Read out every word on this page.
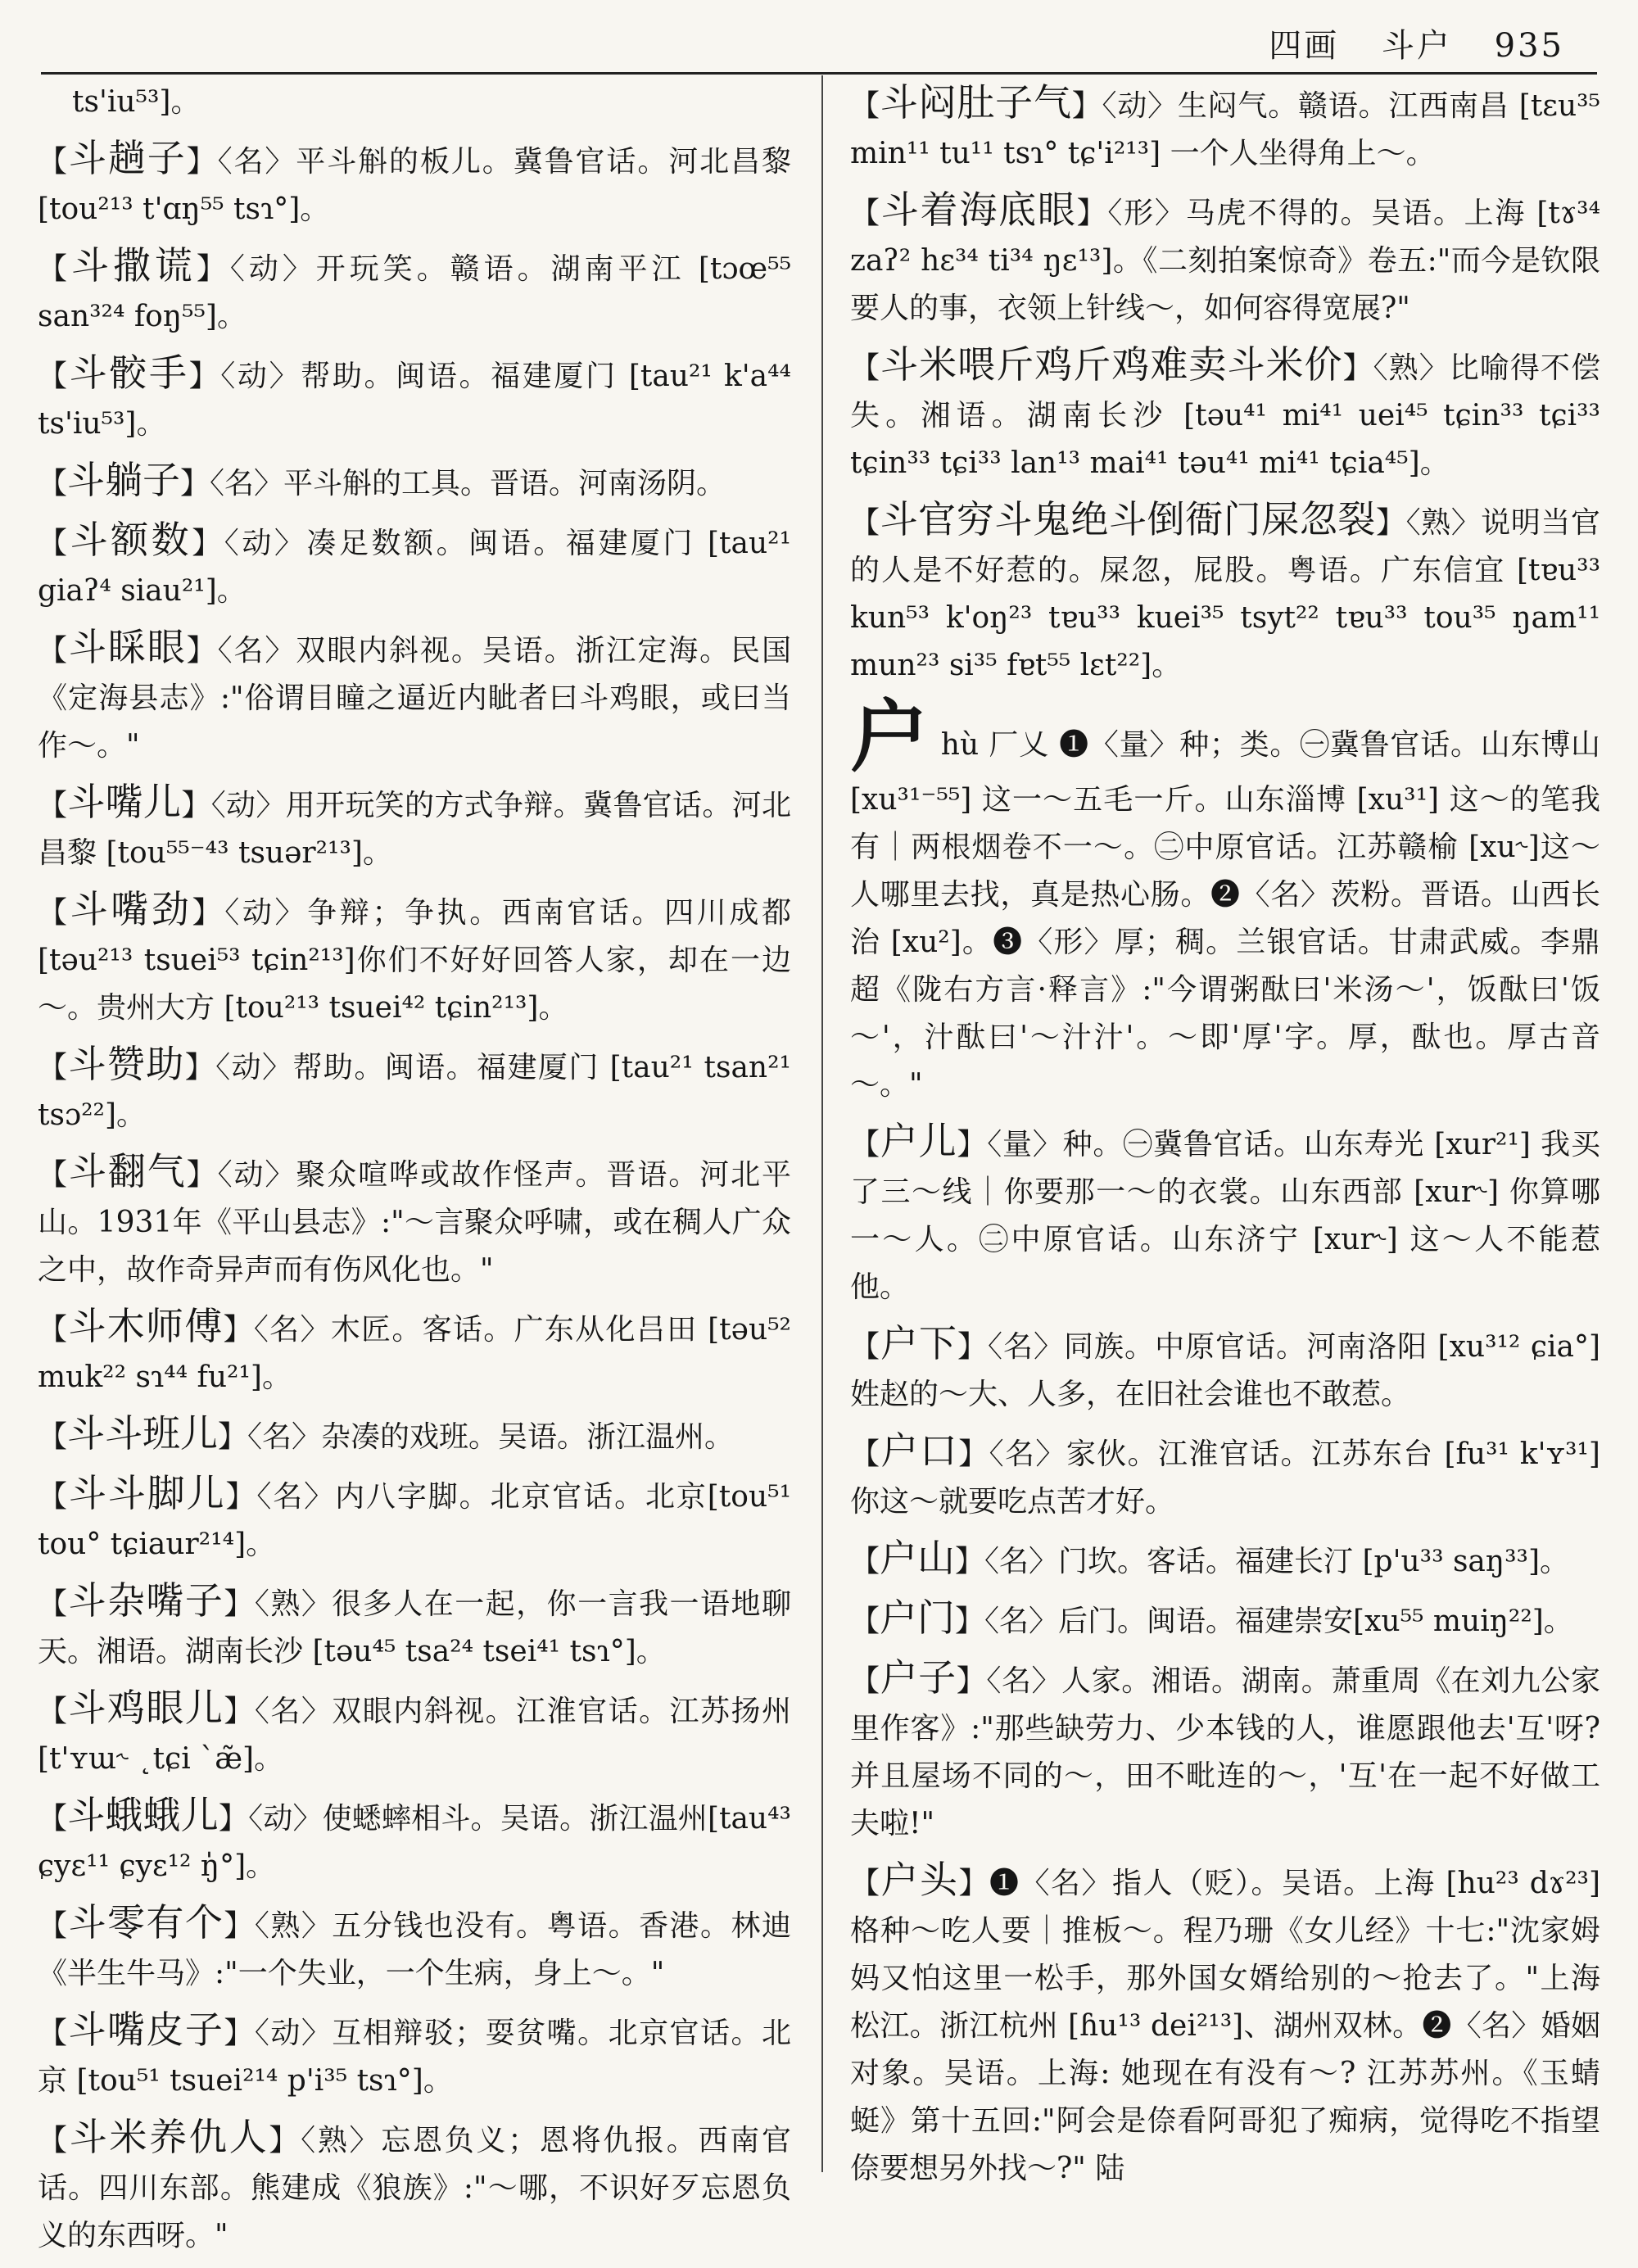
四画 斗户 935

ts'iu⁵³]。

【斗趟子】〈名〉平斗斛的板儿。冀鲁官话。河北昌黎 [tou²¹³ t'ɑŋ⁵⁵ tsɿ°]。

【斗撒谎】〈动〉开玩笑。赣语。湖南平江 [tɔœ⁵⁵ san³²⁴ foŋ⁵⁵]。

【斗骹手】〈动〉帮助。闽语。福建厦门 [tau²¹ k'a⁴⁴ ts'iu⁵³]。

【斗躺子】〈名〉平斗斛的工具。晋语。河南汤阴。

【斗额数】〈动〉凑足数额。闽语。福建厦门 [tau²¹ giaʔ⁴ siau²¹]。

【斗睬眼】〈名〉双眼内斜视。吴语。浙江定海。民国《定海县志》:"俗谓目瞳之逼近内眦者曰斗鸡眼，或曰当作～。"

【斗嘴儿】〈动〉用开玩笑的方式争辩。冀鲁官话。河北昌黎 [tou⁵⁵⁻⁴³ tsuər²¹³]。

【斗嘴劲】〈动〉争辩；争执。西南官话。四川成都 [təu²¹³ tsuei⁵³ tɕin²¹³]你们不好好回答人家，却在一边～。贵州大方 [tou²¹³ tsuei⁴² tɕin²¹³]。

【斗赞助】〈动〉帮助。闽语。福建厦门 [tau²¹ tsan²¹ tsɔ²²]。

【斗翻气】〈动〉聚众喧哗或故作怪声。晋语。河北平山。1931年《平山县志》:"～言聚众呼啸，或在稠人广众之中，故作奇异声而有伤风化也。"

【斗木师傅】〈名〉木匠。客话。广东从化吕田 [təu⁵² muk²² sɿ⁴⁴ fu²¹]。

【斗斗班儿】〈名〉杂凑的戏班。吴语。浙江温州。

【斗斗脚儿】〈名〉内八字脚。北京官话。北京[tou⁵¹ tou° tɕiaur²¹⁴]。

【斗杂嘴子】〈熟〉很多人在一起，你一言我一语地聊天。湘语。湖南长沙 [təu⁴⁵ tsa²⁴ tsei⁴¹ tsɿ°]。

【斗鸡眼儿】〈名〉双眼内斜视。江淮官话。江苏扬州 [t'ʏɯ˞ ˛tɕi ˋæ̃]。

【斗蛾蛾儿】〈动〉使蟋蟀相斗。吴语。浙江温州[tau⁴³ ɕyɛ¹¹ ɕyɛ¹² ŋ̍°]。

【斗零有个】〈熟〉五分钱也没有。粤语。香港。林迪《半生牛马》:"一个失业，一个生病，身上～。"

【斗嘴皮子】〈动〉互相辩驳；耍贫嘴。北京官话。北京 [tou⁵¹ tsuei²¹⁴ p'i³⁵ tsɿ°]。

【斗米养仇人】〈熟〉忘恩负义；恩将仇报。西南官话。四川东部。熊建成《狼族》:"～哪，不识好歹忘恩负义的东西呀。"

【斗闷肚子气】〈动〉生闷气。赣语。江西南昌 [tɛu³⁵ min¹¹ tu¹¹ tsɿ° tɕ'i²¹³] 一个人坐得角上～。

【斗着海底眼】〈形〉马虎不得的。吴语。上海 [tɤ³⁴ zaʔ² hɛ³⁴ ti³⁴ ŋɛ¹³]。《二刻拍案惊奇》卷五:"而今是钦限要人的事，衣领上针线～，如何容得宽展?"

【斗米喂斤鸡斤鸡难卖斗米价】〈熟〉比喻得不偿失。湘语。湖南长沙 [təu⁴¹ mi⁴¹ uei⁴⁵ tɕin³³ tɕi³³ tɕin³³ tɕi³³ lan¹³ mai⁴¹ təu⁴¹ mi⁴¹ tɕia⁴⁵]。

【斗官穷斗鬼绝斗倒衙门屎忽裂】〈熟〉说明当官的人是不好惹的。屎忽，屁股。粤语。广东信宜 [tɐu³³ kun⁵³ k'oŋ²³ tɐu³³ kuei³⁵ tsyt²² tɐu³³ tou³⁵ ŋam¹¹ mun²³ si³⁵ fɐt⁵⁵ lɛt²²]。

户hù 厂乂 ❶〈量〉种；类。㊀冀鲁官话。山东博山 [xu³¹⁻⁵⁵] 这一～五毛一斤。山东淄博 [xu³¹] 这～的笔我有｜两根烟卷不一～。㊁中原官话。江苏赣榆 [xu˞]这～人哪里去找，真是热心肠。❷〈名〉茨粉。晋语。山西长治 [xu²]。❸〈形〉厚；稠。兰银官话。甘肃武威。李鼎超《陇右方言·释言》:"今谓粥酞曰'米汤～'，饭酞曰'饭～'，汁酞曰'～汁汁'。～即'厚'字。厚，酞也。厚古音～。"

【户儿】〈量〉种。㊀冀鲁官话。山东寿光 [xur²¹] 我买了三～线｜你要那一～的衣裳。山东西部 [xur˞] 你算哪一～人。㊁中原官话。山东济宁 [xur˞] 这～人不能惹他。

【户下】〈名〉同族。中原官话。河南洛阳 [xu³¹² ɕia°] 姓赵的～大、人多，在旧社会谁也不敢惹。

【户口】〈名〉家伙。江淮官话。江苏东台 [fu³¹ k'ʏ³¹] 你这～就要吃点苦才好。

【户山】〈名〉门坎。客话。福建长汀 [p'u³³ saŋ³³]。

【户门】〈名〉后门。闽语。福建崇安[xu⁵⁵ muiŋ²²]。

【户子】〈名〉人家。湘语。湖南。萧重周《在刘九公家里作客》:"那些缺劳力、少本钱的人，谁愿跟他去'互'呀? 并且屋场不同的～，田不毗连的～，'互'在一起不好做工夫啦!"

【户头】❶〈名〉指人（贬）。吴语。上海 [hu²³ dɤ²³] 格种～吃人要｜推板～。程乃珊《女儿经》十七:"沈家姆妈又怕这里一松手，那外国女婿给别的～抢去了。"上海松江。浙江杭州 [ɦu¹³ dei²¹³]、湖州双林。❷〈名〉婚姻对象。吴语。上海: 她现在有没有～? 江苏苏州。《玉蜻蜓》第十五回:"阿会是倷看阿哥犯了痴病，觉得吃不指望倷要想另外找～?" 陆
